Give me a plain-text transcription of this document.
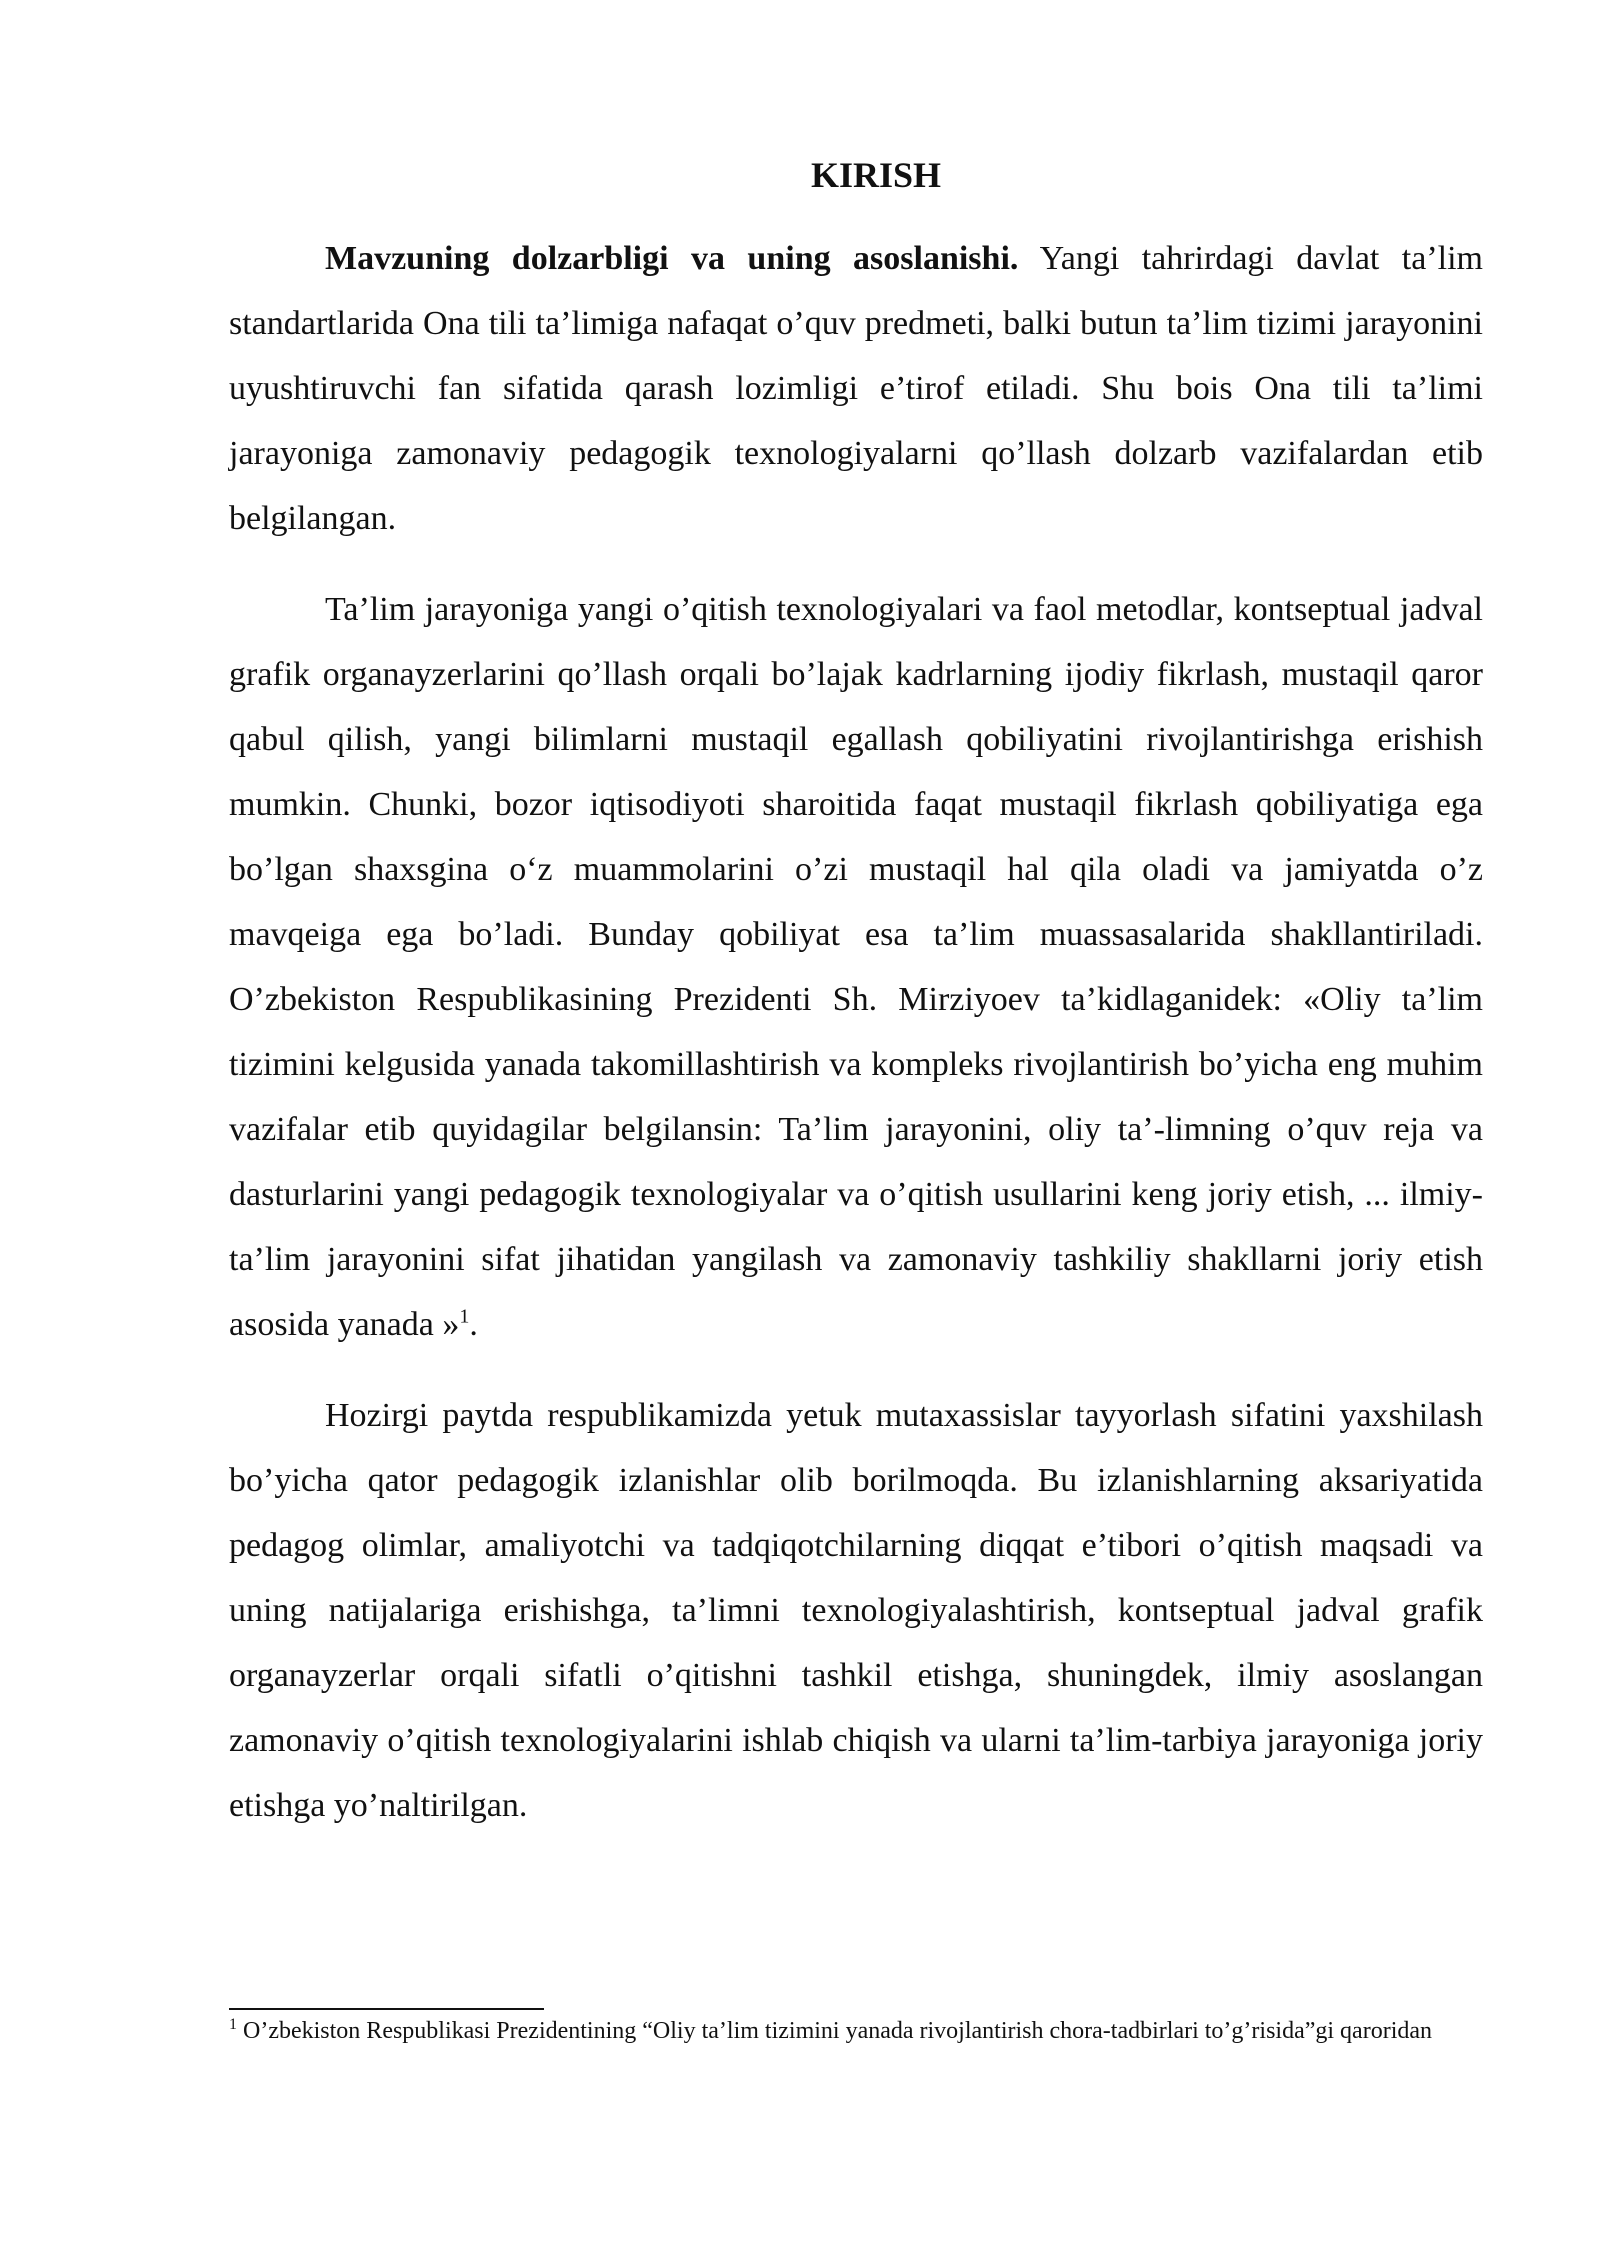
KIRISH

Mavzuning dolzarbligi va uning asoslanishi. Yangi tahrirdagi davlat ta’lim standartlarida Ona tili ta’limiga nafaqat o’quv predmeti, balki butun ta’lim tizimi jarayonini uyushtiruvchi fan sifatida qarash lozimligi e’tirof etiladi. Shu bois Ona tili ta’limi jarayoniga zamonaviy pedagogik texnologiyalarni qo’llash dolzarb vazifalardan etib belgilangan.

Ta’lim jarayoniga yangi o’qitish texnologiyalari va faol metodlar, kontseptual jadval grafik organayzerlarini qo’llash orqali bo’lajak kadrlarning ijodiy fikrlash, mustaqil qaror qabul qilish, yangi bilimlarni mustaqil egallash qobiliyatini rivojlantirishga erishish mumkin. Chunki, bozor iqtisodiyoti sharoitida faqat mustaqil fikrlash qobiliyatiga ega bo’lgan shaxsgina o‘z muammolarini o’zi mustaqil hal qila oladi va jamiyatda o’z mavqeiga ega bo’ladi. Bunday qobiliyat esa ta’lim muassasalarida shakllantiriladi. O’zbekiston Respublikasining Prezidenti Sh. Mirziyoev ta’kidlaganidek: «Oliy ta’lim tizimini kelgusida yanada takomillashtirish va kompleks rivojlantirish bo’yicha eng muhim vazifalar etib quyidagilar belgilansin: Ta’lim jarayonini, oliy ta’-limning o’quv reja va dasturlarini yangi pedagogik texnologiyalar va o’qitish usullarini keng joriy etish, ... ilmiy-ta’lim jarayonini sifat jihatidan yangilash va zamonaviy tashkiliy shakllarni joriy etish asosida yanada »$^1$.

Hozirgi paytda respublikamizda yetuk mutaxassislar tayyorlash sifatini yaxshilash bo’yicha qator pedagogik izlanishlar olib borilmoqda. Bu izlanishlarning aksariyatida pedagog olimlar, amaliyotchi va tadqiqotchilarning diqqat e’tibori o’qitish maqsadi va uning natijalariga erishishga, ta’limni texnologiyalashtirish, kontseptual jadval grafik organayzerlar orqali sifatli o’qitishni tashkil etishga, shuningdek, ilmiy asoslangan zamonaviy o’qitish texnologiyalarini ishlab chiqish va ularni ta’lim-tarbiya jarayoniga joriy etishga yo’naltirilgan.

$^1$ O’zbekiston Respublikasi Prezidentining “Oliy ta’lim tizimini yanada rivojlantirish chora-tadbirlari to’g’risida”gi qaroridan
